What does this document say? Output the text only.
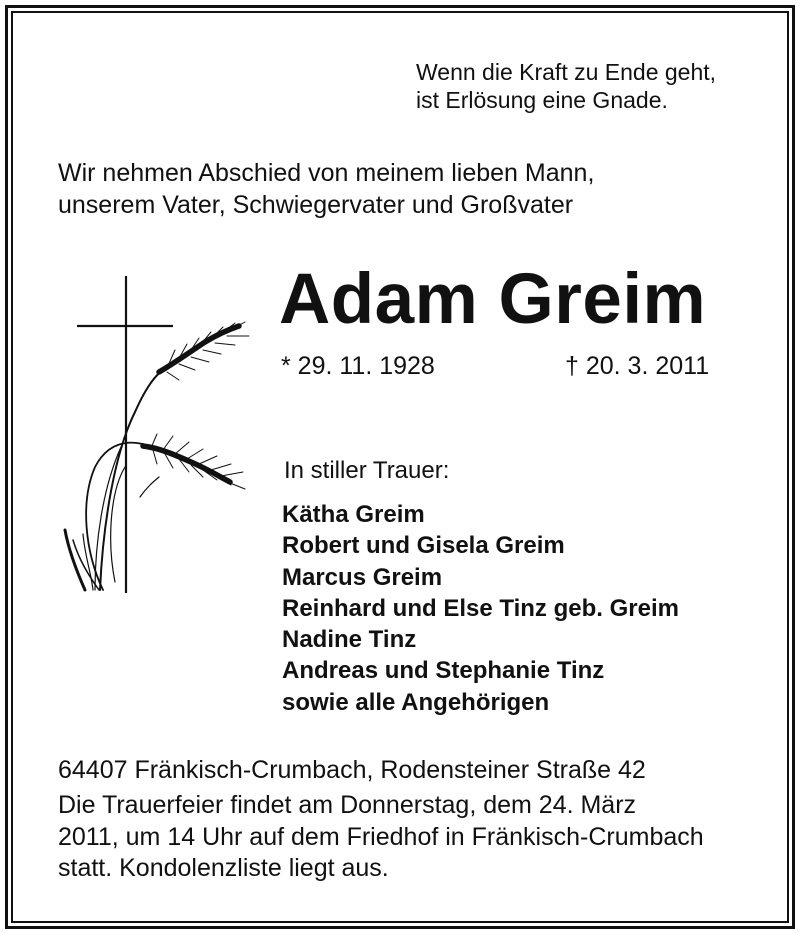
Wenn die Kraft zu Ende geht,
ist Erlösung eine Gnade.
Wir nehmen Abschied von meinem lieben Mann,
unserem Vater, Schwiegervater und Großvater
Adam Greim
* 29. 11. 1928	† 20. 3. 2011
In stiller Trauer:
Kätha Greim
Robert und Gisela Greim
Marcus Greim
Reinhard und Else Tinz geb. Greim
Nadine Tinz
Andreas und Stephanie Tinz
sowie alle Angehörigen
64407 Fränkisch-Crumbach, Rodensteiner Straße 42
Die Trauerfeier findet am Donnerstag, dem 24. März
2011, um 14 Uhr auf dem Friedhof in Fränkisch-Crumbach
statt. Kondolenzliste liegt aus.
